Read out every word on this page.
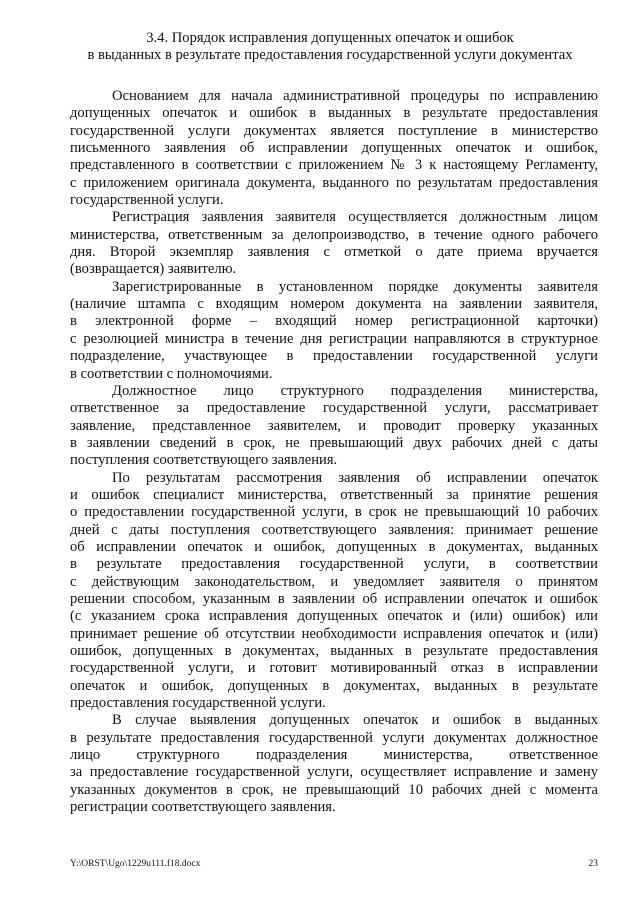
3.4. Порядок исправления допущенных опечаток и ошибок
в выданных в результате предоставления государственной услуги документах
Основанием для начала административной процедуры по исправлению
допущенных опечаток и ошибок в выданных в результате предоставления
государственной услуги документах является поступление в министерство
письменного заявления об исправлении допущенных опечаток и ошибок,
представленного в соответствии с приложением № 3 к настоящему Регламенту,
с приложением оригинала документа, выданного по результатам предоставления
государственной услуги.
Регистрация заявления заявителя осуществляется должностным лицом
министерства, ответственным за делопроизводство, в течение одного рабочего
дня. Второй экземпляр заявления с отметкой о дате приема вручается
(возвращается) заявителю.
Зарегистрированные в установленном порядке документы заявителя
(наличие штампа с входящим номером документа на заявлении заявителя,
в электронной форме – входящий номер регистрационной карточки)
с резолюцией министра в течение дня регистрации направляются в структурное
подразделение, участвующее в предоставлении государственной услуги
в соответствии с полномочиями.
Должностное лицо структурного подразделения министерства,
ответственное за предоставление государственной услуги, рассматривает
заявление, представленное заявителем, и проводит проверку указанных
в заявлении сведений в срок, не превышающий двух рабочих дней с даты
поступления соответствующего заявления.
По результатам рассмотрения заявления об исправлении опечаток
и ошибок специалист министерства, ответственный за принятие решения
о предоставлении государственной услуги, в срок не превышающий 10 рабочих
дней с даты поступления соответствующего заявления: принимает решение
об исправлении опечаток и ошибок, допущенных в документах, выданных
в результате предоставления государственной услуги, в соответствии
с действующим законодательством, и уведомляет заявителя о принятом
решении способом, указанным в заявлении об исправлении опечаток и ошибок
(с указанием срока исправления допущенных опечаток и (или) ошибок) или
принимает решение об отсутствии необходимости исправления опечаток и (или)
ошибок, допущенных в документах, выданных в результате предоставления
государственной услуги, и готовит мотивированный отказ в исправлении
опечаток и ошибок, допущенных в документах, выданных в результате
предоставления государственной услуги.
В случае выявления допущенных опечаток и ошибок в выданных
в результате предоставления государственной услуги документах должностное
лицо структурного подразделения министерства, ответственное
за предоставление государственной услуги, осуществляет исправление и замену
указанных документов в срок, не превышающий 10 рабочих дней с момента
регистрации соответствующего заявления.
Y:\ORST\Ugo\1229u111.f18.docx	23
